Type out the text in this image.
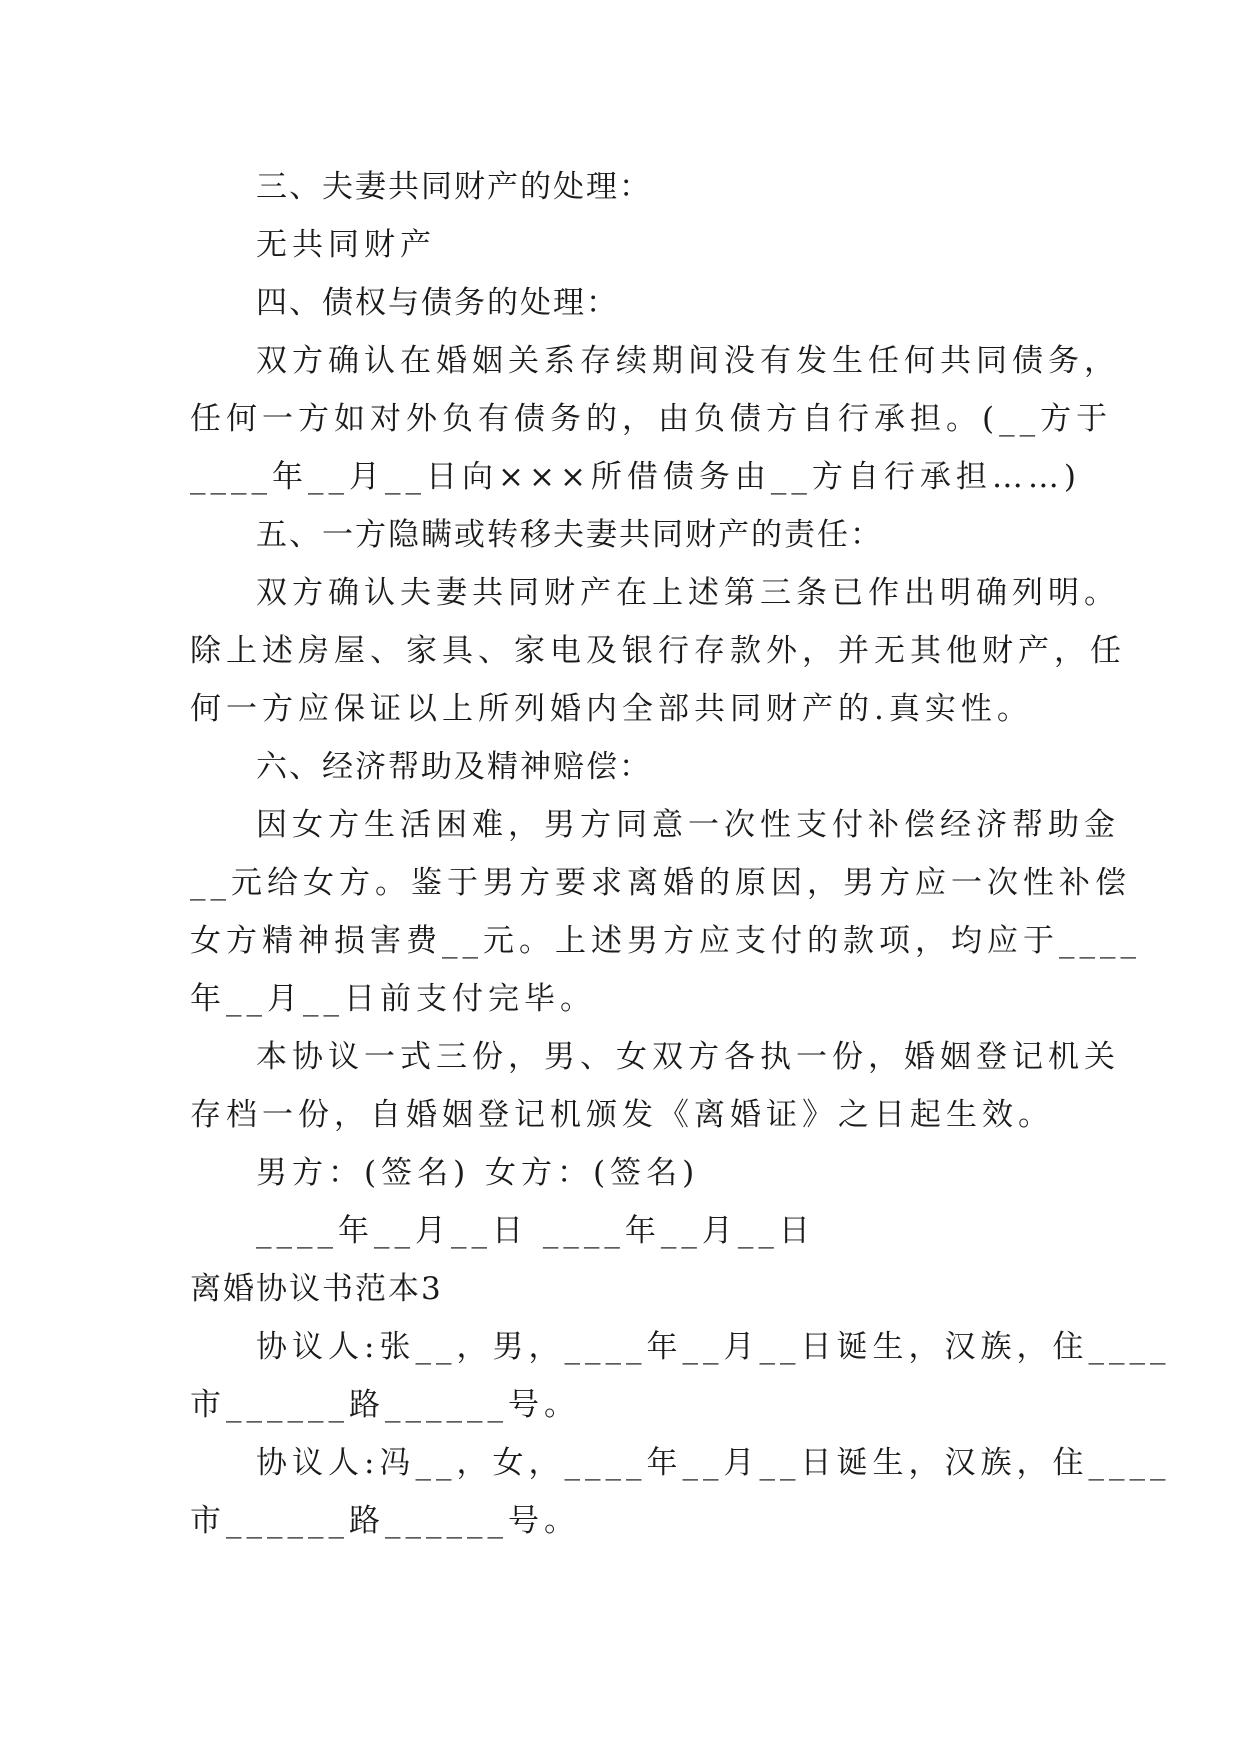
三、夫妻共同财产的处理：
无共同财产
四、债权与债务的处理：
双方确认在婚姻关系存续期间没有发生任何共同债务，
任何一方如对外负有债务的，由负债方自行承担。(__方于
____年__月__日向×××所借债务由__方自行承担……)
五、一方隐瞒或转移夫妻共同财产的责任：
双方确认夫妻共同财产在上述第三条已作出明确列明。
除上述房屋、家具、家电及银行存款外，并无其他财产，任
何一方应保证以上所列婚内全部共同财产的.真实性。
六、经济帮助及精神赔偿：
因女方生活困难，男方同意一次性支付补偿经济帮助金
__元给女方。鉴于男方要求离婚的原因，男方应一次性补偿
女方精神损害费__元。上述男方应支付的款项，均应于____
年__月__日前支付完毕。
本协议一式三份，男、女双方各执一份，婚姻登记机关
存档一份，自婚姻登记机颁发《离婚证》之日起生效。
男方：(签名) 女方：(签名)
____年__月__日 ____年__月__日
离婚协议书范本3
协议人:张__，男，____年__月__日诞生，汉族，住____
市______路______号。
协议人:冯__，女，____年__月__日诞生，汉族，住____
市______路______号。
